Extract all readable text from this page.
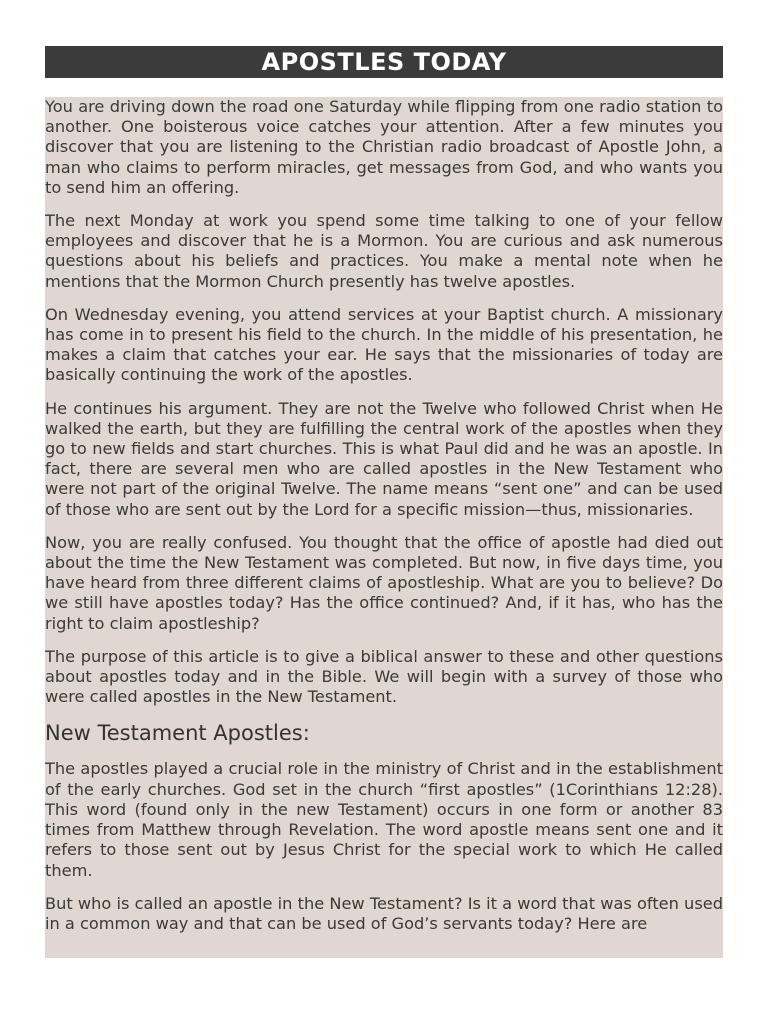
APOSTLES TODAY

You are driving down the road one Saturday while flipping from one radio station to another. One boisterous voice catches your attention. After a few minutes you discover that you are listening to the Christian radio broadcast of Apostle John, a man who claims to perform miracles, get messages from God, and who wants you to send him an offering.

The next Monday at work you spend some time talking to one of your fellow employees and discover that he is a Mormon. You are curious and ask numerous questions about his beliefs and practices. You make a mental note when he mentions that the Mormon Church presently has twelve apostles.

On Wednesday evening, you attend services at your Baptist church. A missionary has come in to present his field to the church. In the middle of his presentation, he makes a claim that catches your ear. He says that the missionaries of today are basically continuing the work of the apostles.

He continues his argument. They are not the Twelve who followed Christ when He walked the earth, but they are fulfilling the central work of the apostles when they go to new fields and start churches. This is what Paul did and he was an apostle. In fact, there are several men who are called apostles in the New Testament who were not part of the original Twelve. The name means “sent one” and can be used of those who are sent out by the Lord for a specific mission—thus, missionaries.

Now, you are really confused. You thought that the office of apostle had died out about the time the New Testament was completed. But now, in five days time, you have heard from three different claims of apostleship. What are you to believe? Do we still have apostles today? Has the office continued? And, if it has, who has the right to claim apostleship?

The purpose of this article is to give a biblical answer to these and other questions about apostles today and in the Bible. We will begin with a survey of those who were called apostles in the New Testament.

New Testament Apostles:

The apostles played a crucial role in the ministry of Christ and in the establishment of the early churches. God set in the church “first apostles” (1Corinthians 12:28). This word (found only in the new Testament) occurs in one form or another 83 times from Matthew through Revelation. The word apostle means sent one and it refers to those sent out by Jesus Christ for the special work to which He called them.

But who is called an apostle in the New Testament? Is it a word that was often used in a common way and that can be used of God’s servants today? Here are
